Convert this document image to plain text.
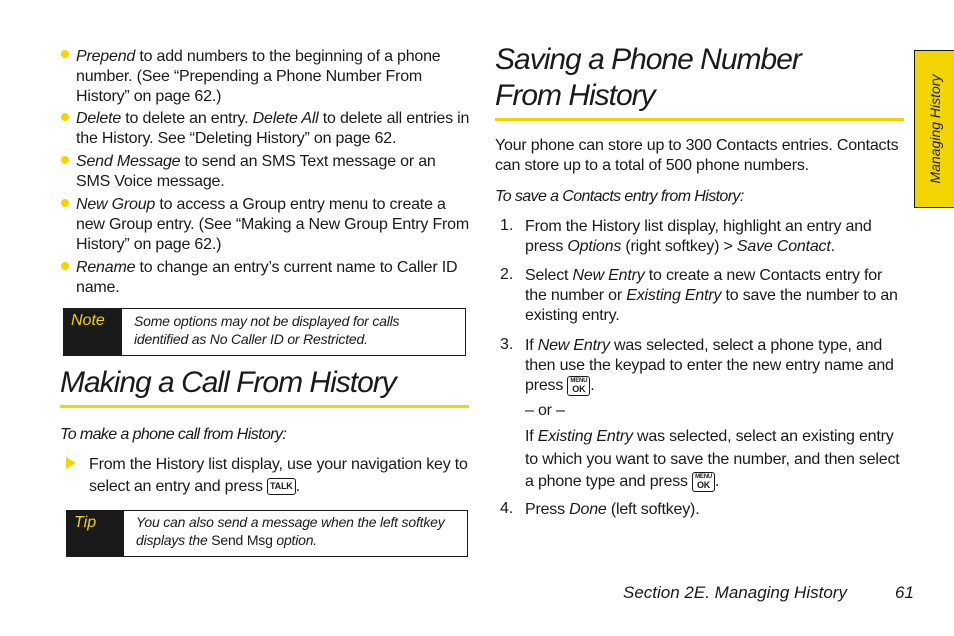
Prepend to add numbers to the beginning of a phone number. (See “Prepending a Phone Number From History” on page 62.)
Delete to delete an entry. Delete All to delete all entries in the History. See “Deleting History” on page 62.
Send Message to send an SMS Text message or an SMS Voice message.
New Group to access a Group entry menu to create a new Group entry. (See “Making a New Group Entry From History” on page 62.)
Rename to change an entry’s current name to Caller ID name.
Note Some options may not be displayed for calls identified as No Caller ID or Restricted.
Making a Call From History
To make a phone call from History:
From the History list display, use your navigation key to select an entry and press TALK .
Tip	You can also send a message when the left softkey displays the Send Msg option.
Saving a Phone Number
From History
Your phone can store up to 300 Contacts entries. Contacts can store up to a total of 500 phone numbers.
To save a Contacts entry from History:
1. From the History list display, highlight an entry and press Options (right softkey) > Save Contact.
2. Select New Entry to create a new Contacts entry for the number or Existing Entry to save the number to an existing entry.
3. If New Entry was selected, select a phone type, and then use the keypad to enter the new entry name and press MENU
OK .
– or –
If Existing Entry was selected, select an existing entry to which you want to save the number, and then select a phone type and press MENU
OK .
4. Press Done (left softkey).
Managing History
Section 2E. Managing History	61
